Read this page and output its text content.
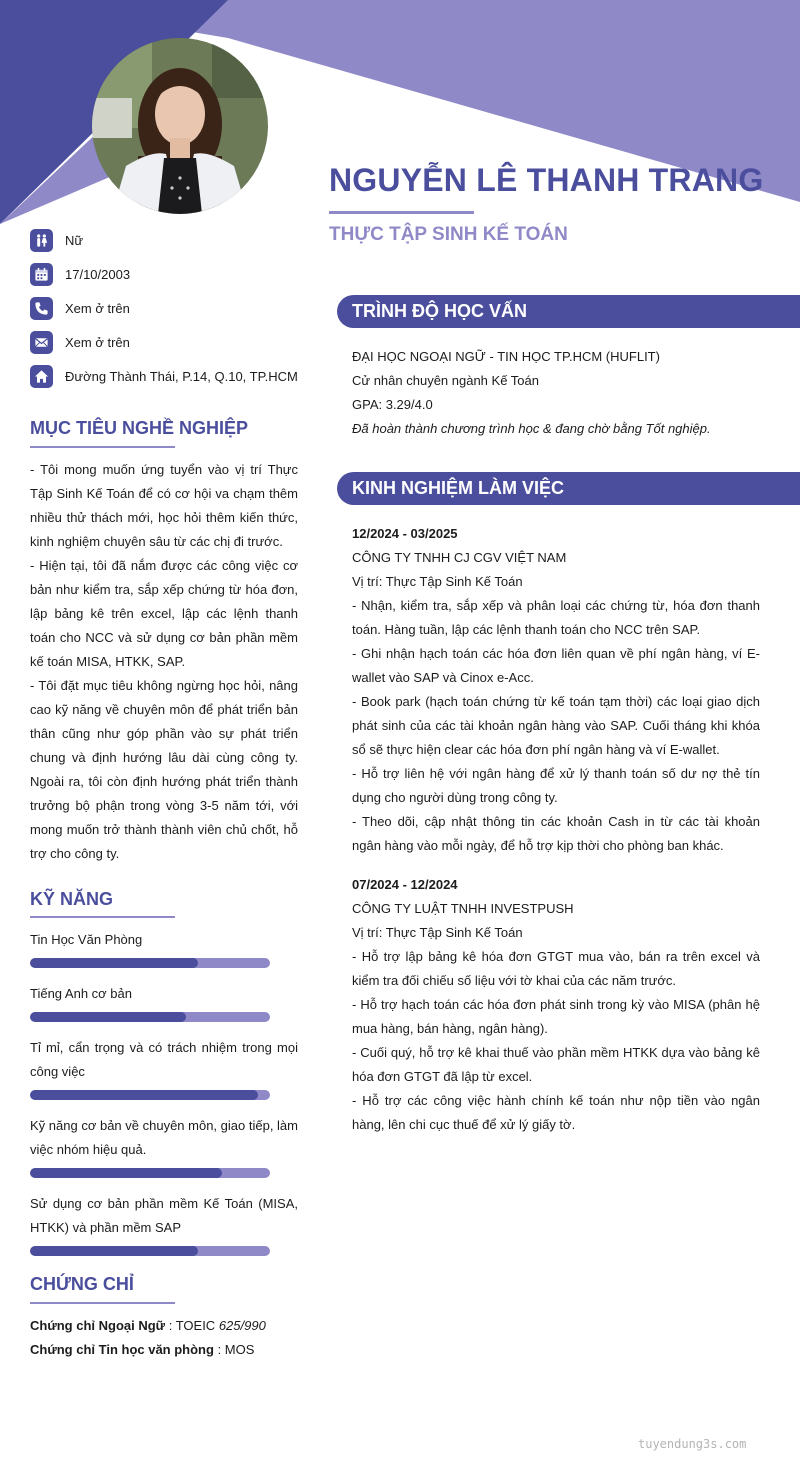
NGUYỄN LÊ THANH TRANG
THỰC TẬP SINH KẾ TOÁN
Nữ
17/10/2003
Xem ở trên
Xem ở trên
Đường Thành Thái, P.14, Q.10, TP.HCM
MỤC TIÊU NGHỀ NGHIỆP

- Tôi mong muốn ứng tuyển vào vị trí Thực Tập Sinh Kế Toán để có cơ hội va chạm thêm nhiều thử thách mới, học hỏi thêm kiến thức, kinh nghiệm chuyên sâu từ các chị đi trước.

- Hiện tại, tôi đã nắm được các công việc cơ bản như kiểm tra, sắp xếp chứng từ hóa đơn, lập bảng kê trên excel, lập các lệnh thanh toán cho NCC và sử dụng cơ bản phần mềm kế toán MISA, HTKK, SAP.

- Tôi đặt mục tiêu không ngừng học hỏi, nâng cao kỹ năng về chuyên môn để phát triển bản thân cũng như góp phần vào sự phát triển chung và định hướng lâu dài cùng công ty. Ngoài ra, tôi còn định hướng phát triển thành trưởng bộ phận trong vòng 3-5 năm tới, với mong muốn trở thành thành viên chủ chốt, hỗ trợ cho công ty.

KỸ NĂNG
Tin Học Văn Phòng
Tiếng Anh cơ bản
Tỉ mỉ, cẩn trọng và có trách nhiệm trong mọi công việc
Kỹ năng cơ bản về chuyên môn, giao tiếp, làm việc nhóm hiệu quả.
Sử dụng cơ bản phần mềm Kế Toán (MISA, HTKK) và phần mềm SAP
CHỨNG CHỈ
Chứng chỉ Ngoại Ngữ : TOEIC 625/990
Chứng chỉ Tin học văn phòng : MOS
TRÌNH ĐỘ HỌC VẤN
ĐẠI HỌC NGOẠI NGỮ - TIN HỌC TP.HCM (HUFLIT)
Cử nhân chuyên ngành Kế Toán
GPA: 3.29/4.0
Đã hoàn thành chương trình học & đang chờ bằng Tốt nghiệp.
KINH NGHIỆM LÀM VIỆC
12/2024 - 03/2025
CÔNG TY TNHH CJ CGV VIỆT NAM
Vị trí: Thực Tập Sinh Kế Toán
- Nhận, kiểm tra, sắp xếp và phân loại các chứng từ, hóa đơn thanh toán. Hàng tuần, lập các lệnh thanh toán cho NCC trên SAP.
- Ghi nhận hạch toán các hóa đơn liên quan về phí ngân hàng, ví E-wallet vào SAP và Cinox e-Acc.
- Book park (hạch toán chứng từ kế toán tạm thời) các loại giao dịch phát sinh của các tài khoản ngân hàng vào SAP. Cuối tháng khi khóa sổ sẽ thực hiện clear các hóa đơn phí ngân hàng và ví E-wallet.
- Hỗ trợ liên hệ với ngân hàng để xử lý thanh toán số dư nợ thẻ tín dụng cho người dùng trong công ty.
- Theo dõi, cập nhật thông tin các khoản Cash in từ các tài khoản ngân hàng vào mỗi ngày, để hỗ trợ kịp thời cho phòng ban khác.
07/2024 - 12/2024
CÔNG TY LUẬT TNHH INVESTPUSH
Vị trí: Thực Tập Sinh Kế Toán
- Hỗ trợ lập bảng kê hóa đơn GTGT mua vào, bán ra trên excel và kiểm tra đối chiếu số liệu với tờ khai của các năm trước.
- Hỗ trợ hạch toán các hóa đơn phát sinh trong kỳ vào MISA (phân hệ mua hàng, bán hàng, ngân hàng).
- Cuối quý, hỗ trợ kê khai thuế vào phần mềm HTKK dựa vào bảng kê hóa đơn GTGT đã lập từ excel.
- Hỗ trợ các công việc hành chính kế toán như nộp tiền vào ngân hàng, lên chi cục thuế để xử lý giấy tờ.
tuyendung3s.com
